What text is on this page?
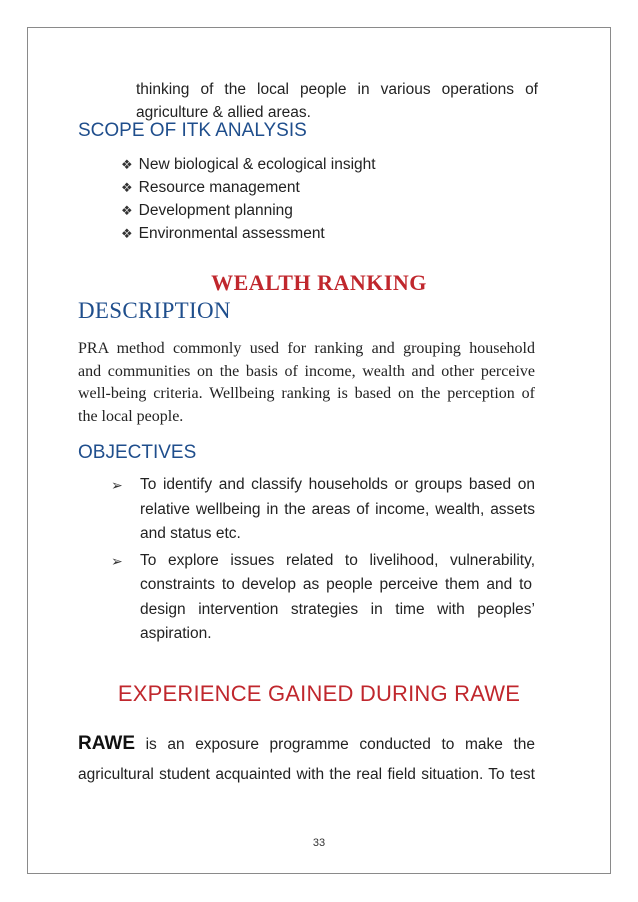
thinking of the local people in various operations of
agriculture & allied areas.
SCOPE OF ITK ANALYSIS
❖ New biological & ecological insight
❖ Resource management
❖ Development planning
❖ Environmental assessment
WEALTH RANKING
DESCRIPTION
PRA method commonly used for ranking and grouping household
and communities on the basis of income, wealth and other perceive
well-being criteria. Wellbeing ranking is based on the perception of
the local people.
OBJECTIVES
➢ To identify and classify households or groups based on
relative wellbeing in the areas of income, wealth, assets
and status etc.
➢ To explore issues related to livelihood, vulnerability,
constraints to develop as people perceive them and to
design intervention strategies in time with peoples’
aspiration.
EXPERIENCE GAINED DURING RAWE
RAWE is an exposure programme conducted to make the
agricultural student acquainted with the real field situation. To test
33
